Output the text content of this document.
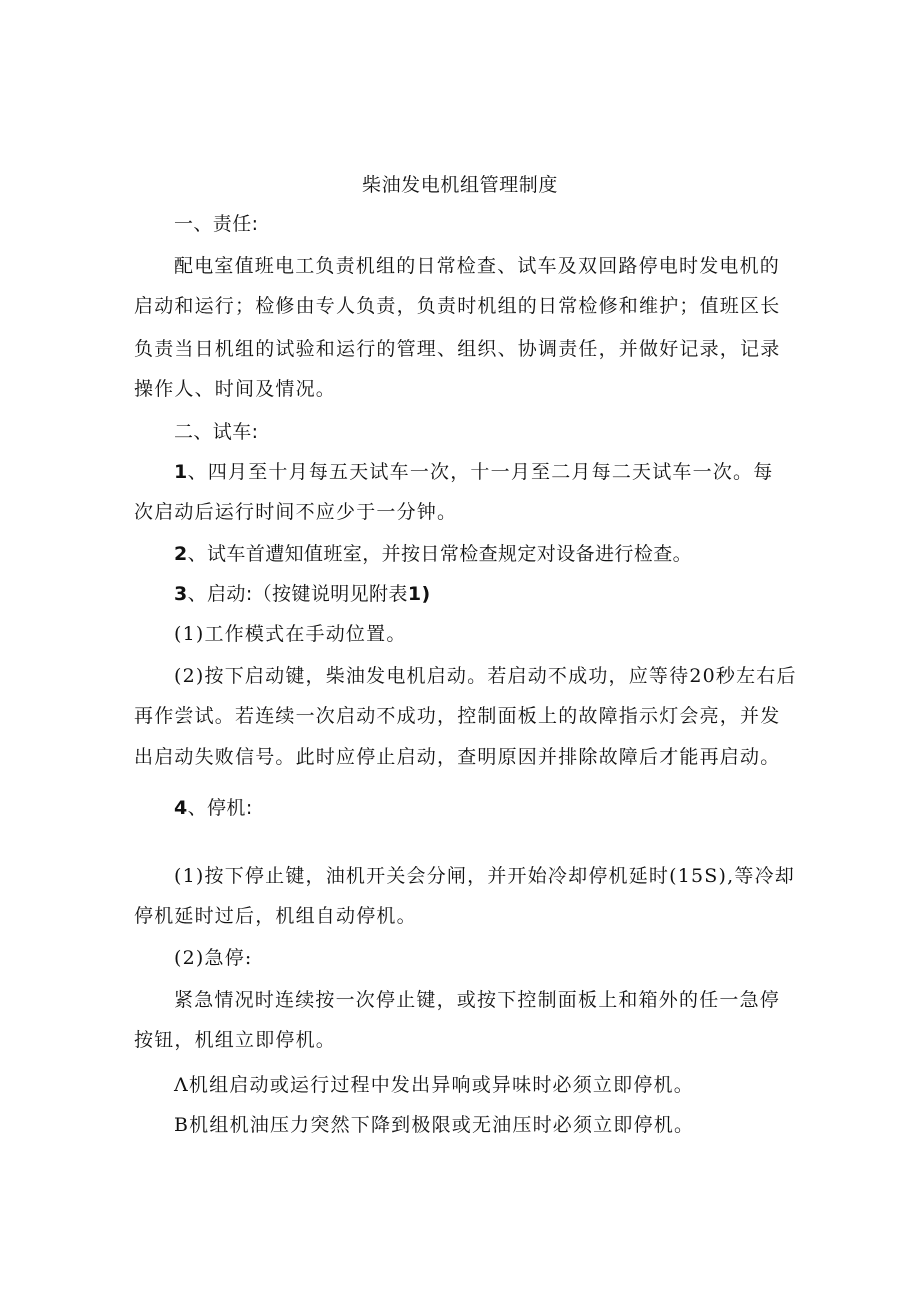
柴油发电机组管理制度
一、责任:
配电室值班电工负责机组的日常检查、试车及双回路停电时发电机的
启动和运行；检修由专人负责，负责时机组的日常检修和维护；值班区长
负责当日机组的试验和运行的管理、组织、协调责任，并做好记录，记录
操作人、时间及情况。
二、试车:
1、四月至十月每五天试车一次，十一月至二月每二天试车一次。每
次启动后运行时间不应少于一分钟。
2、试车首遭知值班室，并按日常检查规定对设备进行检查。
3、启动:（按键说明见附表1)
(1)工作模式在手动位置。
(2)按下启动键，柴油发电机启动。若启动不成功，应等待20秒左右后
再作尝试。若连续一次启动不成功，控制面板上的故障指示灯会亮，并发
出启动失败信号。此时应停止启动，查明原因并排除故障后才能再启动。
4、停机:
(1)按下停止键，油机开关会分闸，并开始冷却停机延时(15S),等冷却
停机延时过后，机组自动停机。
(2)急停:
紧急情况时连续按一次停止键，或按下控制面板上和箱外的任一急停
按钮，机组立即停机。
Λ机组启动或运行过程中发出异响或异味时必须立即停机。
B机组机油压力突然下降到极限或无油压时必须立即停机。
